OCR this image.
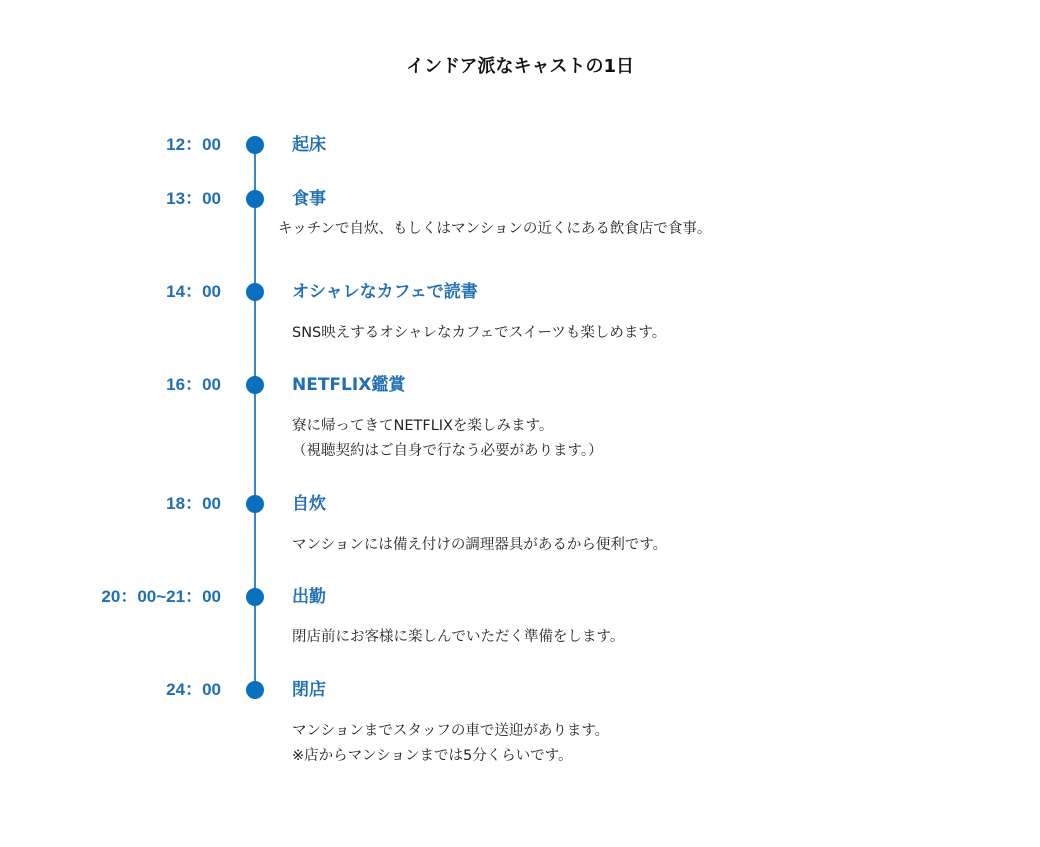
インドア派なキャストの1日
12：00	起床
13：00	食事
キッチンで自炊、もしくはマンションの近くにある飲食店で食事。
14：00	オシャレなカフェで読書
SNS映えするオシャレなカフェでスイーツも楽しめます。
16：00	NETFLIX鑑賞
寮に帰ってきてNETFLIXを楽しみます。
（視聴契約はご自身で行なう必要があります。）
18：00	自炊
マンションには備え付けの調理器具があるから便利です。
20：00~21：00	出勤
閉店前にお客様に楽しんでいただく準備をします。
24：00	閉店
マンションまでスタッフの車で送迎があります。
※店からマンションまでは5分くらいです。
